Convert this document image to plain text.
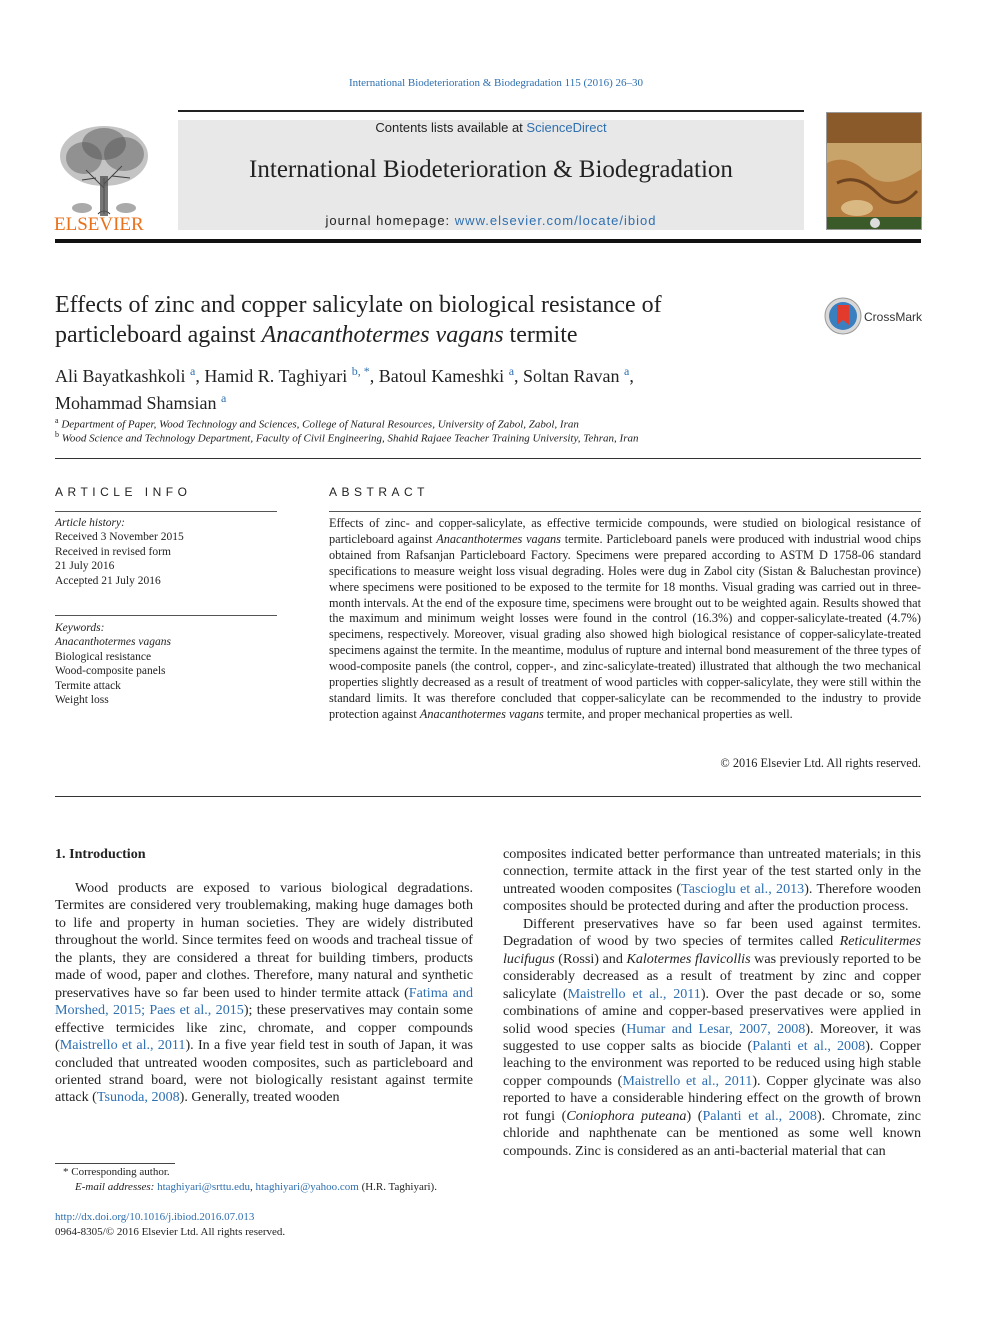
International Biodeterioration & Biodegradation 115 (2016) 26–30
ELSEVIER
Contents lists available at ScienceDirect
International Biodeterioration & Biodegradation
journal homepage: www.elsevier.com/locate/ibiod
Effects of zinc and copper salicylate on biological resistance of
particleboard against Anacanthotermes vagans termite
CrossMark
Ali Bayatkashkoli $^a$, Hamid R. Taghiyari $^{b, *}$, Batoul Kameshki $^a$, Soltan Ravan $^a$,
Mohammad Shamsian $^a$
$^a$ Department of Paper, Wood Technology and Sciences, College of Natural Resources, University of Zabol, Zabol, Iran
$^b$ Wood Science and Technology Department, Faculty of Civil Engineering, Shahid Rajaee Teacher Training University, Tehran, Iran
ARTICLE INFO
Article history:
Received 3 November 2015
Received in revised form
21 July 2016
Accepted 21 July 2016
Keywords:
Anacanthotermes vagans
Biological resistance
Wood-composite panels
Termite attack
Weight loss
ABSTRACT
Effects of zinc- and copper-salicylate, as effective termicide compounds, were studied on biological resistance of particleboard against Anacanthotermes vagans termite. Particleboard panels were produced with industrial wood chips obtained from Rafsanjan Particleboard Factory. Specimens were prepared according to ASTM D 1758-06 standard specifications to measure weight loss visual degrading. Holes were dug in Zabol city (Sistan & Baluchestan province) where specimens were positioned to be exposed to the termite for 18 months. Visual grading was carried out in three-month intervals. At the end of the exposure time, specimens were brought out to be weighted again. Results showed that the maximum and minimum weight losses were found in the control (16.3%) and copper-salicylate-treated (4.7%) specimens, respectively. Moreover, visual grading also showed high biological resistance of copper-salicylate-treated specimens against the termite. In the meantime, modulus of rupture and internal bond measurement of the three types of wood-composite panels (the control, copper-, and zinc-salicylate-treated) illustrated that although the two mechanical properties slightly decreased as a result of treatment of wood particles with copper-salicylate, they were still within the standard limits. It was therefore concluded that copper-salicylate can be recommended to the industry to provide protection against Anacanthotermes vagans termite, and proper mechanical properties as well.
© 2016 Elsevier Ltd. All rights reserved.
1. Introduction

Wood products are exposed to various biological degradations. Termites are considered very troublemaking, making huge damages both to life and property in human societies. They are widely distributed throughout the world. Since termites feed on woods and tracheal tissue of the plants, they are considered a threat for building timbers, products made of wood, paper and clothes. Therefore, many natural and synthetic preservatives have so far been used to hinder termite attack (Fatima and Morshed, 2015; Paes et al., 2015); these preservatives may contain some effective termicides like zinc, chromate, and copper compounds (Maistrello et al., 2011). In a five year field test in south of Japan, it was concluded that untreated wooden composites, such as particleboard and oriented strand board, were not biologically resistant against termite attack (Tsunoda, 2008). Generally, treated wooden

composites indicated better performance than untreated materials; in this connection, termite attack in the first year of the test started only in the untreated wooden composites (Tascioglu et al., 2013). Therefore wooden composites should be protected during and after the production process.

Different preservatives have so far been used against termites. Degradation of wood by two species of termites called Reticulitermes lucifugus (Rossi) and Kalotermes flavicollis was previously reported to be considerably decreased as a result of treatment by zinc and copper salicylate (Maistrello et al., 2011). Over the past decade or so, some combinations of amine and copper-based preservatives were applied in solid wood species (Humar and Lesar, 2007, 2008). Moreover, it was suggested to use copper salts as biocide (Palanti et al., 2008). Copper leaching to the environment was reported to be reduced using high stable copper compounds (Maistrello et al., 2011). Copper glycinate was also reported to have a considerable hindering effect on the growth of brown rot fungi (Coniophora puteana) (Palanti et al., 2008). Chromate, zinc chloride and naphthenate can be mentioned as some well known compounds. Zinc is considered as an anti-bacterial material that can

* Corresponding author.
E-mail addresses: htaghiyari@srttu.edu, htaghiyari@yahoo.com (H.R. Taghiyari).
http://dx.doi.org/10.1016/j.ibiod.2016.07.013
0964-8305/© 2016 Elsevier Ltd. All rights reserved.
